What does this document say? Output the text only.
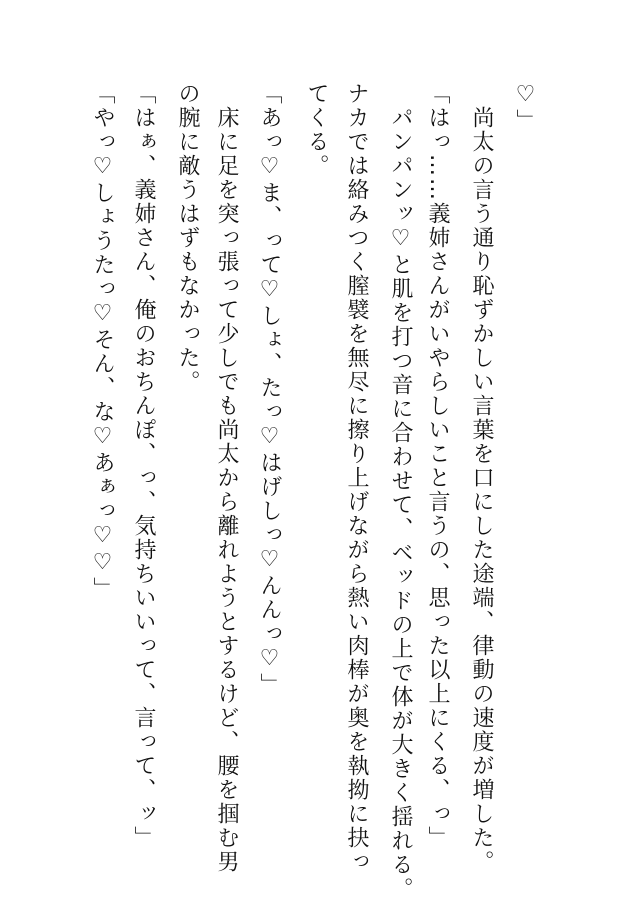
♡」
　尚太の言う通り恥ずかしい言葉を口にした途端、律動の速度が増した。
「はっ……義姉さんがいやらしいこと言うの、思った以上にくる、っ」
　パンパンッ♡と肌を打つ音に合わせて、ベッドの上で体が大きく揺れる。
ナカでは絡みつく膣襞を無尽に擦り上げながら熱い肉棒が奥を執拗に抉っ
てくる。
「あっ♡ま、って♡しょ、たっ♡はげしっ♡んんっ♡」
　床に足を突っ張って少しでも尚太から離れようとするけど、腰を掴む男
の腕に敵うはずもなかった。
「はぁ、義姉さん、俺のおちんぽ、っ、気持ちいいって、言って、ッ」
「やっ♡しょうたっ♡そん、な♡あぁっ♡♡」
